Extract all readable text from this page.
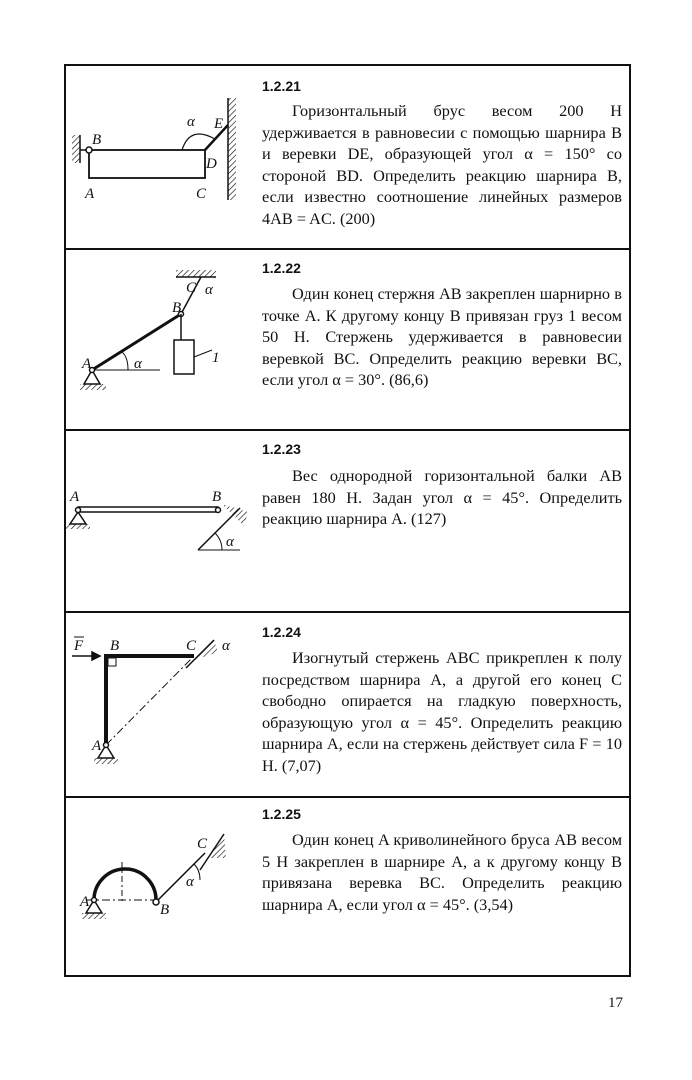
1.2.21

Горизонтальный брус весом 200 Н удерживается в равновесии с помощью шарнира B и веревки DE, образующей угол α = 150° со стороной BD. Определить реакцию шарнира B, если известно соотношение линейных размеров 4AB = AC. (200)

1.2.22

Один конец стержня AB закреплен шарнирно в точке A. К другому концу B привязан груз 1 весом 50 Н. Стержень удерживается в равновесии веревкой BC. Определить реакцию веревки BC, если угол α = 30°. (86,6)

1.2.23

Вес однородной горизонтальной балки AB равен 180 Н. Задан угол α = 45°. Определить реакцию шарнира A. (127)

1.2.24

Изогнутый стержень ABC прикреплен к полу посредством шарнира A, а другой его конец C свободно опирается на гладкую поверхность, образующую угол α = 45°. Определить реакцию шарнира A, если на стержень действует сила F = 10 Н. (7,07)

1.2.25

Один конец A криволинейного бруса AB весом 5 Н закреплен в шарнире A, а к другому концу B привязана веревка BC. Определить реакцию шарнира A, если угол α = 45°. (3,54)

B
A	C
D
E
α
A
B
C
α
α
1
A	B
α
F B	C α
A
A	B
C
α
17
